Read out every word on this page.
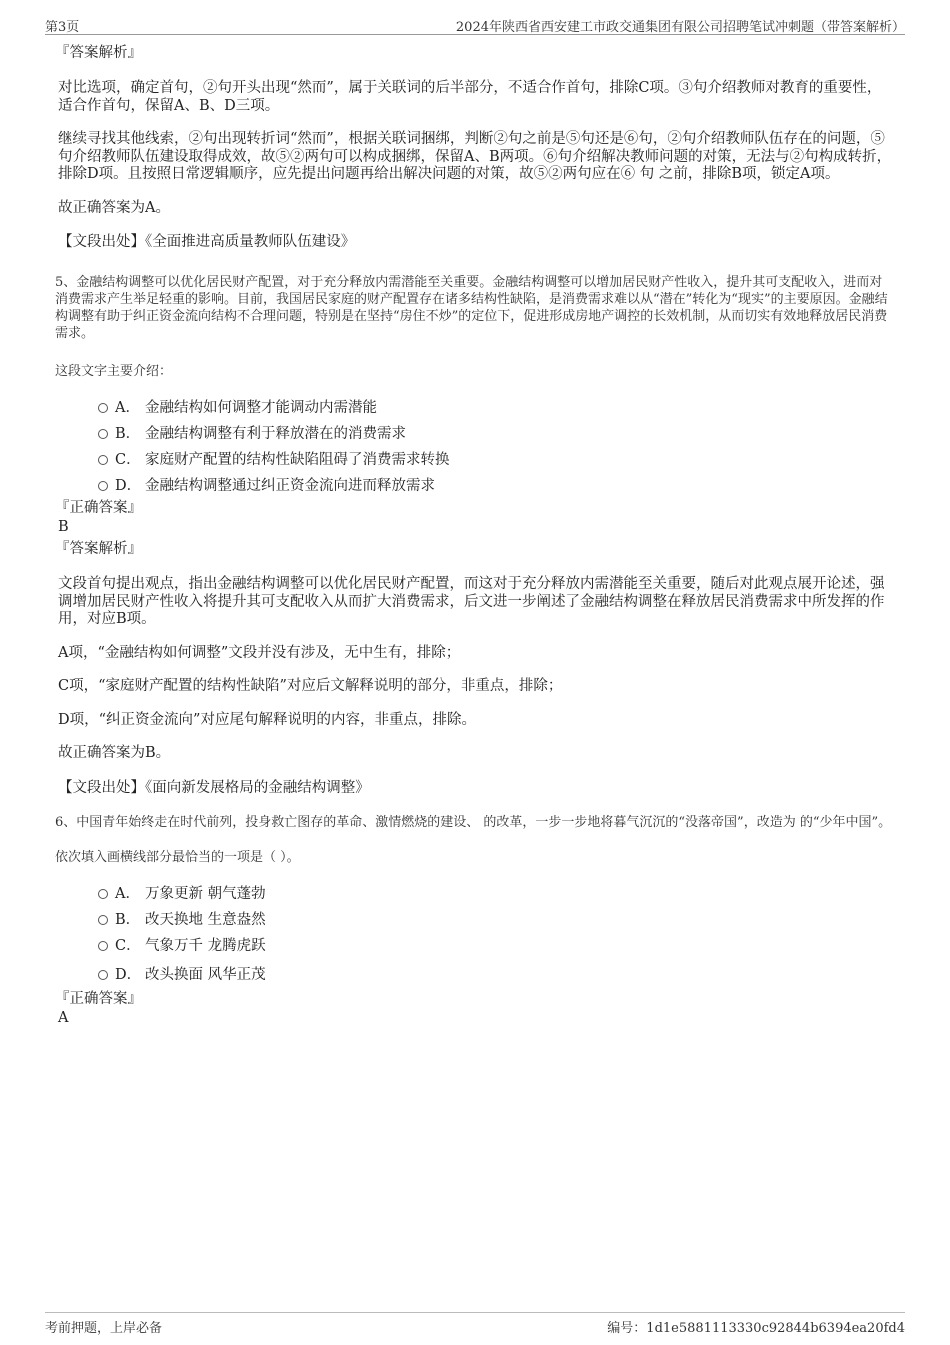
第3页	2024年陕西省西安建工市政交通集团有限公司招聘笔试冲刺题（带答案解析）

『答案解析』

对比选项，确定首句，②句开头出现“然而”，属于关联词的后半部分，不适合作首句，排除C项。③句介绍教师对教育的重要性，适合作首句，保留A、B、D三项。

继续寻找其他线索，②句出现转折词“然而”，根据关联词捆绑，判断②句之前是⑤句还是⑥句，②句介绍教师队伍存在的问题，⑤句介绍教师队伍建设取得成效，故⑤②两句可以构成捆绑，保留A、B两项。⑥句介绍解决教师问题的对策，无法与②句构成转折，排除D项。且按照日常逻辑顺序，应先提出问题再给出解决问题的对策，故⑤②两句应在⑥ 句 之前，排除B项，锁定A项。

故正确答案为A。

【文段出处】《全面推进高质量教师队伍建设》

5、金融结构调整可以优化居民财产配置，对于充分释放内需潜能至关重要。金融结构调整可以增加居民财产性收入，提升其可支配收入，进而对消费需求产生举足轻重的影响。目前，我国居民家庭的财产配置存在诸多结构性缺陷，是消费需求难以从“潜在”转化为“现实”的主要原因。金融结构调整有助于纠正资金流向结构不合理问题，特别是在坚持“房住不炒”的定位下，促进形成房地产调控的长效机制，从而切实有效地释放居民消费需求。

这段文字主要介绍：

A． 金融结构如何调整才能调动内需潜能
B． 金融结构调整有利于释放潜在的消费需求
C． 家庭财产配置的结构性缺陷阻碍了消费需求转换
D． 金融结构调整通过纠正资金流向进而释放需求

『正确答案』

B

『答案解析』

文段首句提出观点，指出金融结构调整可以优化居民财产配置，而这对于充分释放内需潜能至关重要，随后对此观点展开论述，强调增加居民财产性收入将提升其可支配收入从而扩大消费需求，后文进一步阐述了金融结构调整在释放居民消费需求中所发挥的作用，对应B项。

A项，“金融结构如何调整”文段并没有涉及，无中生有，排除；

C项，“家庭财产配置的结构性缺陷”对应后文解释说明的部分，非重点，排除；

D项，“纠正资金流向”对应尾句解释说明的内容，非重点，排除。

故正确答案为B。

【文段出处】《面向新发展格局的金融结构调整》

6、中国青年始终走在时代前列，投身救亡图存的革命、激情燃烧的建设、 的改革，一步一步地将暮气沉沉的“没落帝国”，改造为 的“少年中国”。

依次填入画横线部分最恰当的一项是（ ）。

A． 万象更新 朝气蓬勃
B． 改天换地 生意盎然
C． 气象万千 龙腾虎跃
D． 改头换面 风华正茂

『正确答案』

A

考前押题，上岸必备	编号：1d1e5881113330c92844b6394ea20fd4
